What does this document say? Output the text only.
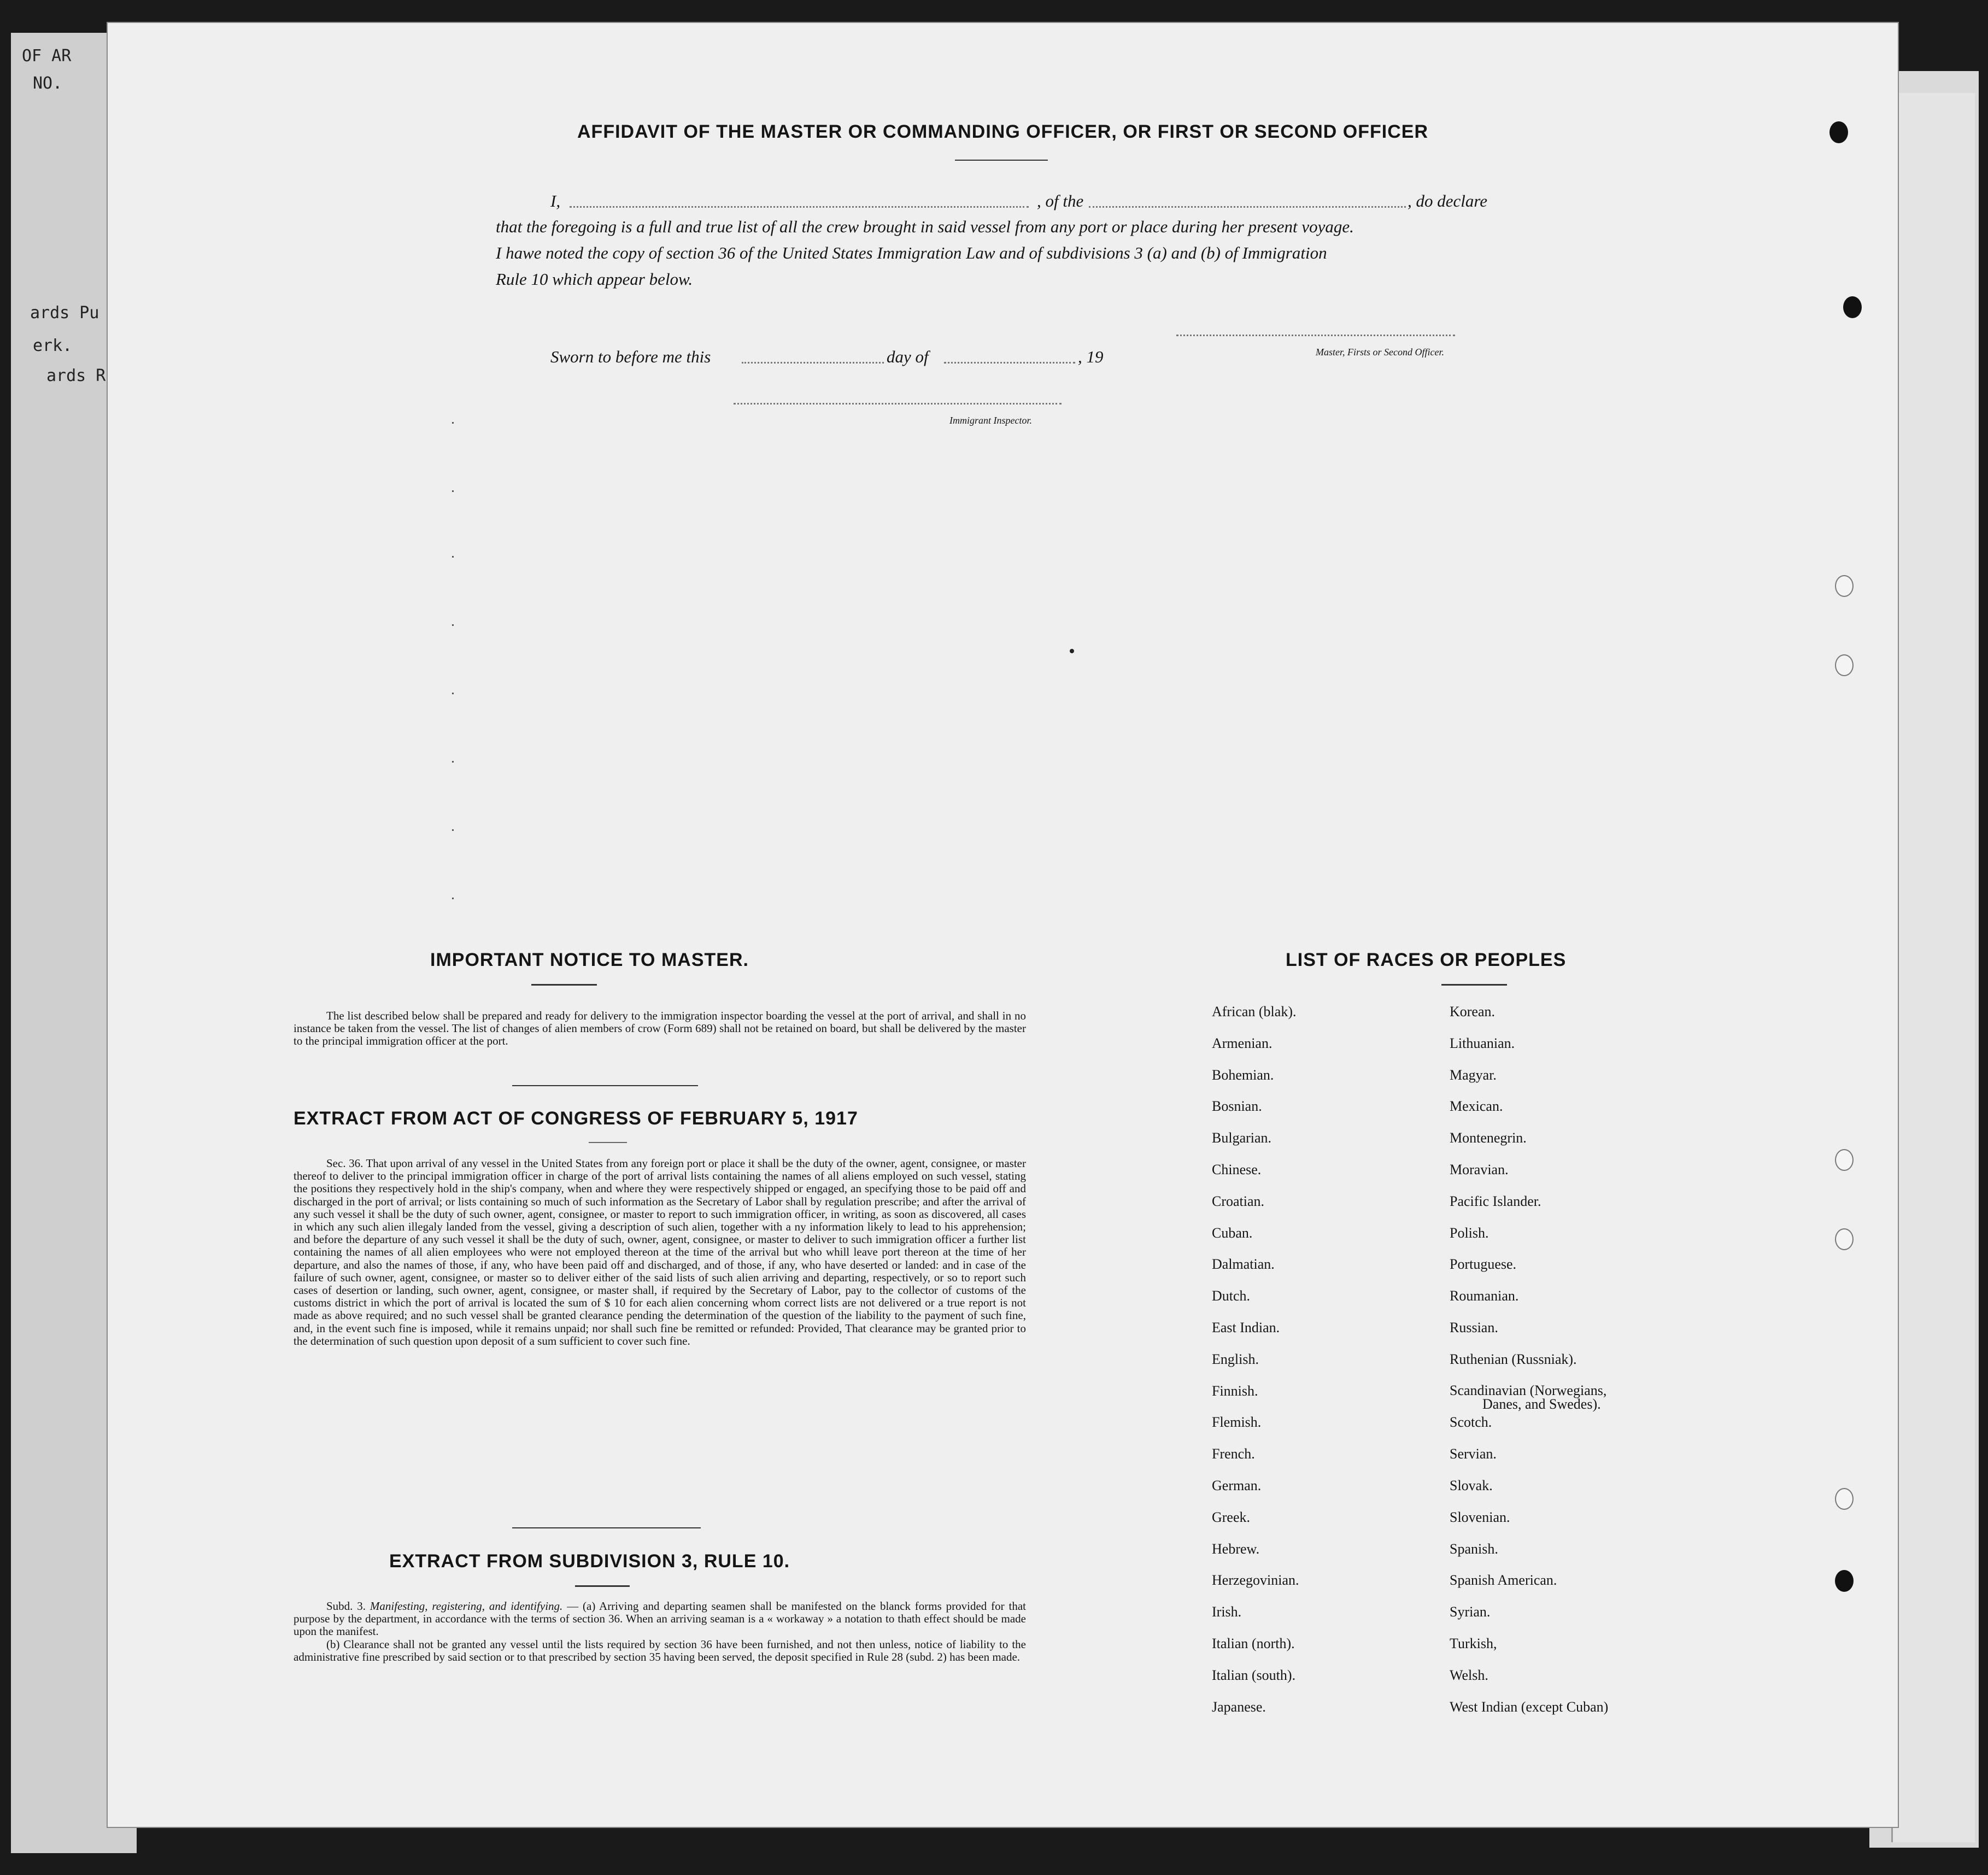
OF AR
NO.
ards Pu
erk.
ards R
AFFIDAVIT OF THE MASTER OR COMMANDING OFFICER, OR FIRST OR SECOND OFFICER
I,	, of the	, do declare
that the foregoing is a full and true list of all the crew brought in said vessel from any port or place during her present voyage.
I hawe noted the copy of section 36 of the United States Immigration Law and of subdivisions 3 (a) and (b) of Immigration
Rule 10 which appear below.
Master, Firsts or Second Officer.
Sworn to before me this	day of	, 19
Immigrant Inspector.
IMPORTANT NOTICE TO MASTER.

The list described below shall be prepared and ready for delivery to the immigration inspector boarding the vessel at the port of arrival, and shall in no instance be taken from the vessel. The list of changes of alien members of crow (Form 689) shall not be retained on board, but shall be delivered by the master to the principal immigration officer at the port.

EXTRACT FROM ACT OF CONGRESS OF FEBRUARY 5, 1917

Sec. 36. That upon arrival of any vessel in the United States from any foreign port or place it shall be the duty of the owner, agent, consignee, or master thereof to deliver to the principal immigration officer in charge of the port of arrival lists containing the names of all aliens employed on such vessel, stating the positions they respectively hold in the ship's company, when and where they were respectively shipped or engaged, an specifying those to be paid off and discharged in the port of arrival; or lists containing so much of such information as the Secretary of Labor shall by regulation prescribe; and after the arrival of any such vessel it shall be the duty of such owner, agent, consignee, or master to report to such immigration officer, in writing, as soon as discovered, all cases in which any such alien illegaly landed from the vessel, giving a description of such alien, together with a ny information likely to lead to his apprehension; and before the departure of any such vessel it shall be the duty of such, owner, agent, consignee, or master to deliver to such immigration officer a further list containing the names of all alien employees who were not employed thereon at the time of the arrival but who whill leave port thereon at the time of her departure, and also the names of those, if any, who have been paid off and discharged, and of those, if any, who have deserted or landed: and in case of the failure of such owner, agent, consignee, or master so to deliver either of the said lists of such alien arriving and departing, respectively, or so to report such cases of desertion or landing, such owner, agent, consignee, or master shall, if required by the Secretary of Labor, pay to the collector of customs of the customs district in which the port of arrival is located the sum of $ 10 for each alien concerning whom correct lists are not delivered or a true report is not made as above required; and no such vessel shall be granted clearance pending the determination of the question of the liability to the payment of such fine, and, in the event such fine is imposed, while it remains unpaid; nor shall such fine be remitted or refunded: Provided, That clearance may be granted prior to the determination of such question upon deposit of a sum sufficient to cover such fine.

EXTRACT FROM SUBDIVISION 3, RULE 10.

Subd. 3. Manifesting, registering, and identifying. — (a) Arriving and departing seamen shall be manifested on the blanck forms provided for that purpose by the department, in accordance with the terms of section 36. When an arriving seaman is a « workaway » a notation to thath effect should be made upon the manifest.

(b) Clearance shall not be granted any vessel until the lists required by section 36 have been furnished, and not then unless, notice of liability to the administrative fine prescribed by said section or to that prescribed by section 35 having been served, the deposit specified in Rule 28 (subd. 2) has been made.

LIST OF RACES OR PEOPLES
African (blak).
Armenian.
Bohemian.
Bosnian.
Bulgarian.
Chinese.
Croatian.
Cuban.
Dalmatian.
Dutch.
East Indian.
English.
Finnish.
Flemish.
French.
German.
Greek.
Hebrew.
Herzegovinian.
Irish.
Italian (north).
Italian (south).
Japanese.
Korean.
Lithuanian.
Magyar.
Mexican.
Montenegrin.
Moravian.
Pacific Islander.
Polish.
Portuguese.
Roumanian.
Russian.
Ruthenian (Russniak).
Scandinavian (Norwegians,
Danes, and Swedes).
Scotch.
Servian.
Slovak.
Slovenian.
Spanish.
Spanish American.
Syrian.
Turkish,
Welsh.
West Indian (except Cuban)
